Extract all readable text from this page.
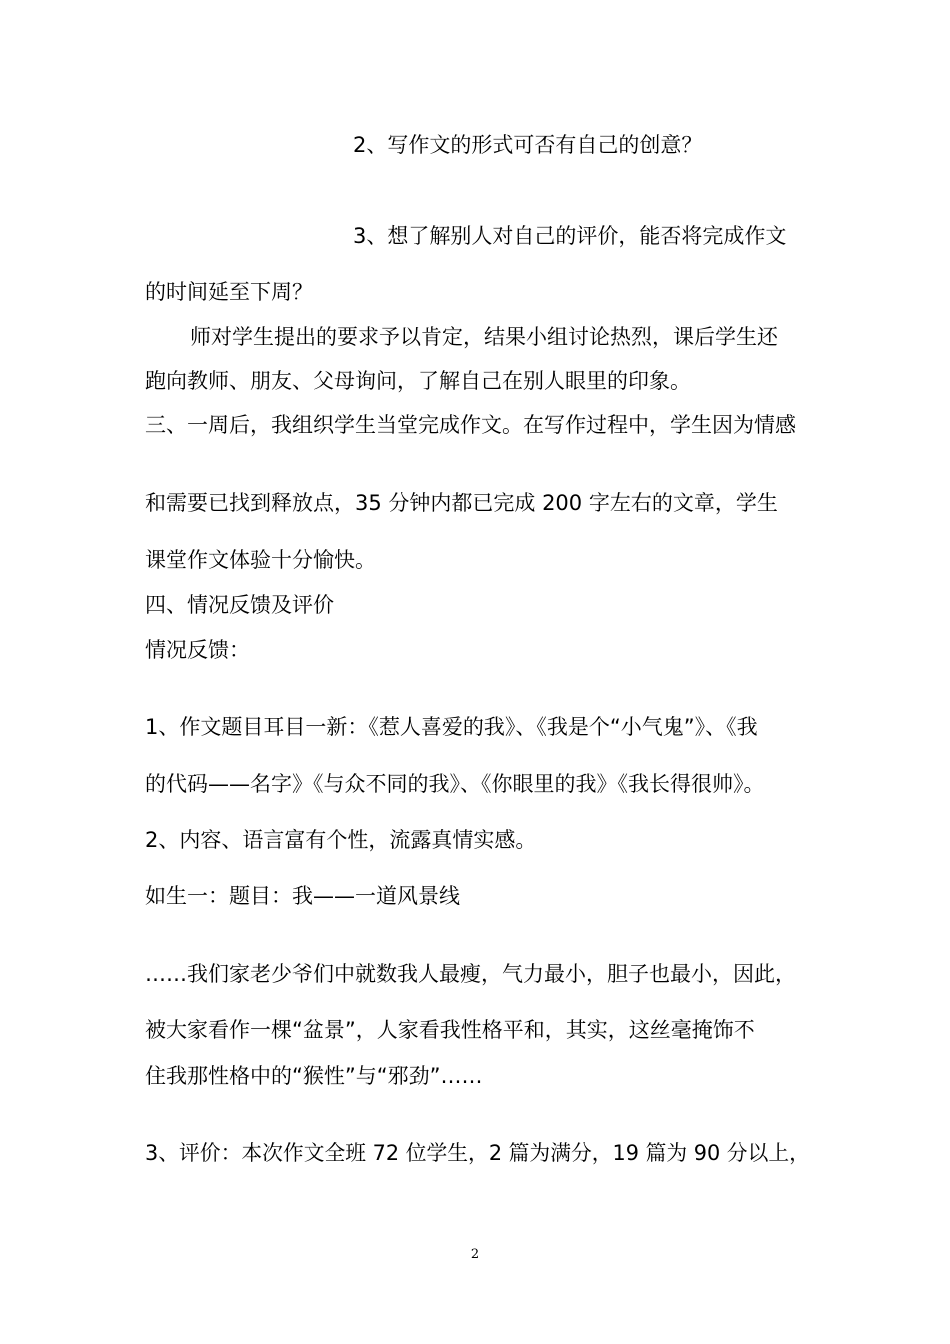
2、写作文的形式可否有自己的创意？
3、想了解别人对自己的评价，能否将完成作文
的时间延至下周？
师对学生提出的要求予以肯定，结果小组讨论热烈，课后学生还
跑向教师、朋友、父母询问，了解自己在别人眼里的印象。
三、一周后，我组织学生当堂完成作文。在写作过程中，学生因为情感
和需要已找到释放点，35 分钟内都已完成 200 字左右的文章，学生
课堂作文体验十分愉快。
四、情况反馈及评价
情况反馈：
1、作文题目耳目一新：《惹人喜爱的我》、《我是个“小气鬼”》、《我
的代码——名字》《与众不同的我》、《你眼里的我》《我长得很帅》。
2、内容、语言富有个性，流露真情实感。
如生一：题目：我——一道风景线
……我们家老少爷们中就数我人最瘦，气力最小，胆子也最小，因此，
被大家看作一棵“盆景”，人家看我性格平和，其实，这丝毫掩饰不
住我那性格中的“猴性”与“邪劲”……
3、评价：本次作文全班 72 位学生，2 篇为满分，19 篇为 90 分以上，
2
